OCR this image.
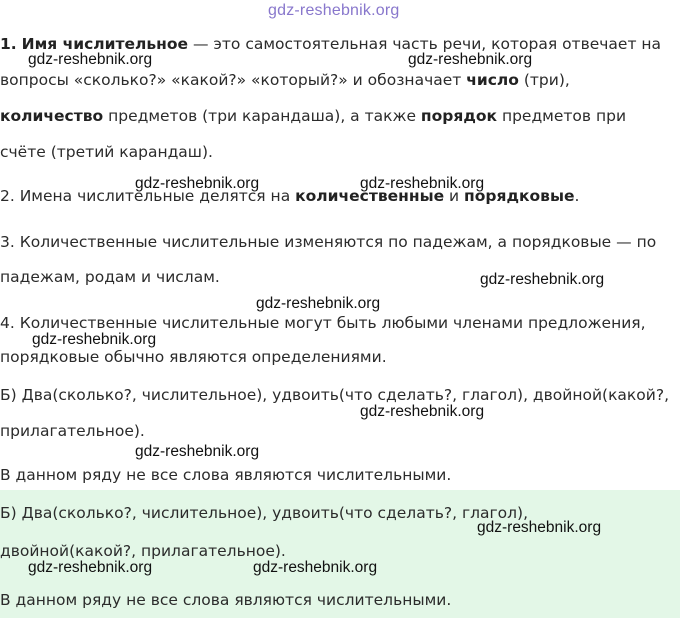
gdz-reshebnik.org
1. Имя числительное — это самостоятельная часть речи, которая отвечает на
вопросы «сколько?» «какой?» «который?» и обозначает число (три),
количество предметов (три карандаша), а также порядок предметов при
счёте (третий карандаш).
2. Имена числительные делятся на количественные и порядковые.
3. Количественные числительные изменяются по падежам, а порядковые — по
падежам, родам и числам.
4. Количественные числительные могут быть любыми членами предложения,
порядковые обычно являются определениями.
Б) Два(сколько?, числительное), удвоить(что сделать?, глагол), двойной(какой?,
прилагательное).
В данном ряду не все слова являются числительными.
Б) Два(сколько?, числительное), удвоить(что сделать?, глагол),
двойной(какой?, прилагательное).
В данном ряду не все слова являются числительными.
gdz-reshebnik.org	gdz-reshebnik.org
gdz-reshebnik.org	gdz-reshebnik.org
gdz-reshebnik.org
gdz-reshebnik.org
gdz-reshebnik.org
gdz-reshebnik.org
gdz-reshebnik.org
gdz-reshebnik.org
gdz-reshebnik.org	gdz-reshebnik.org
